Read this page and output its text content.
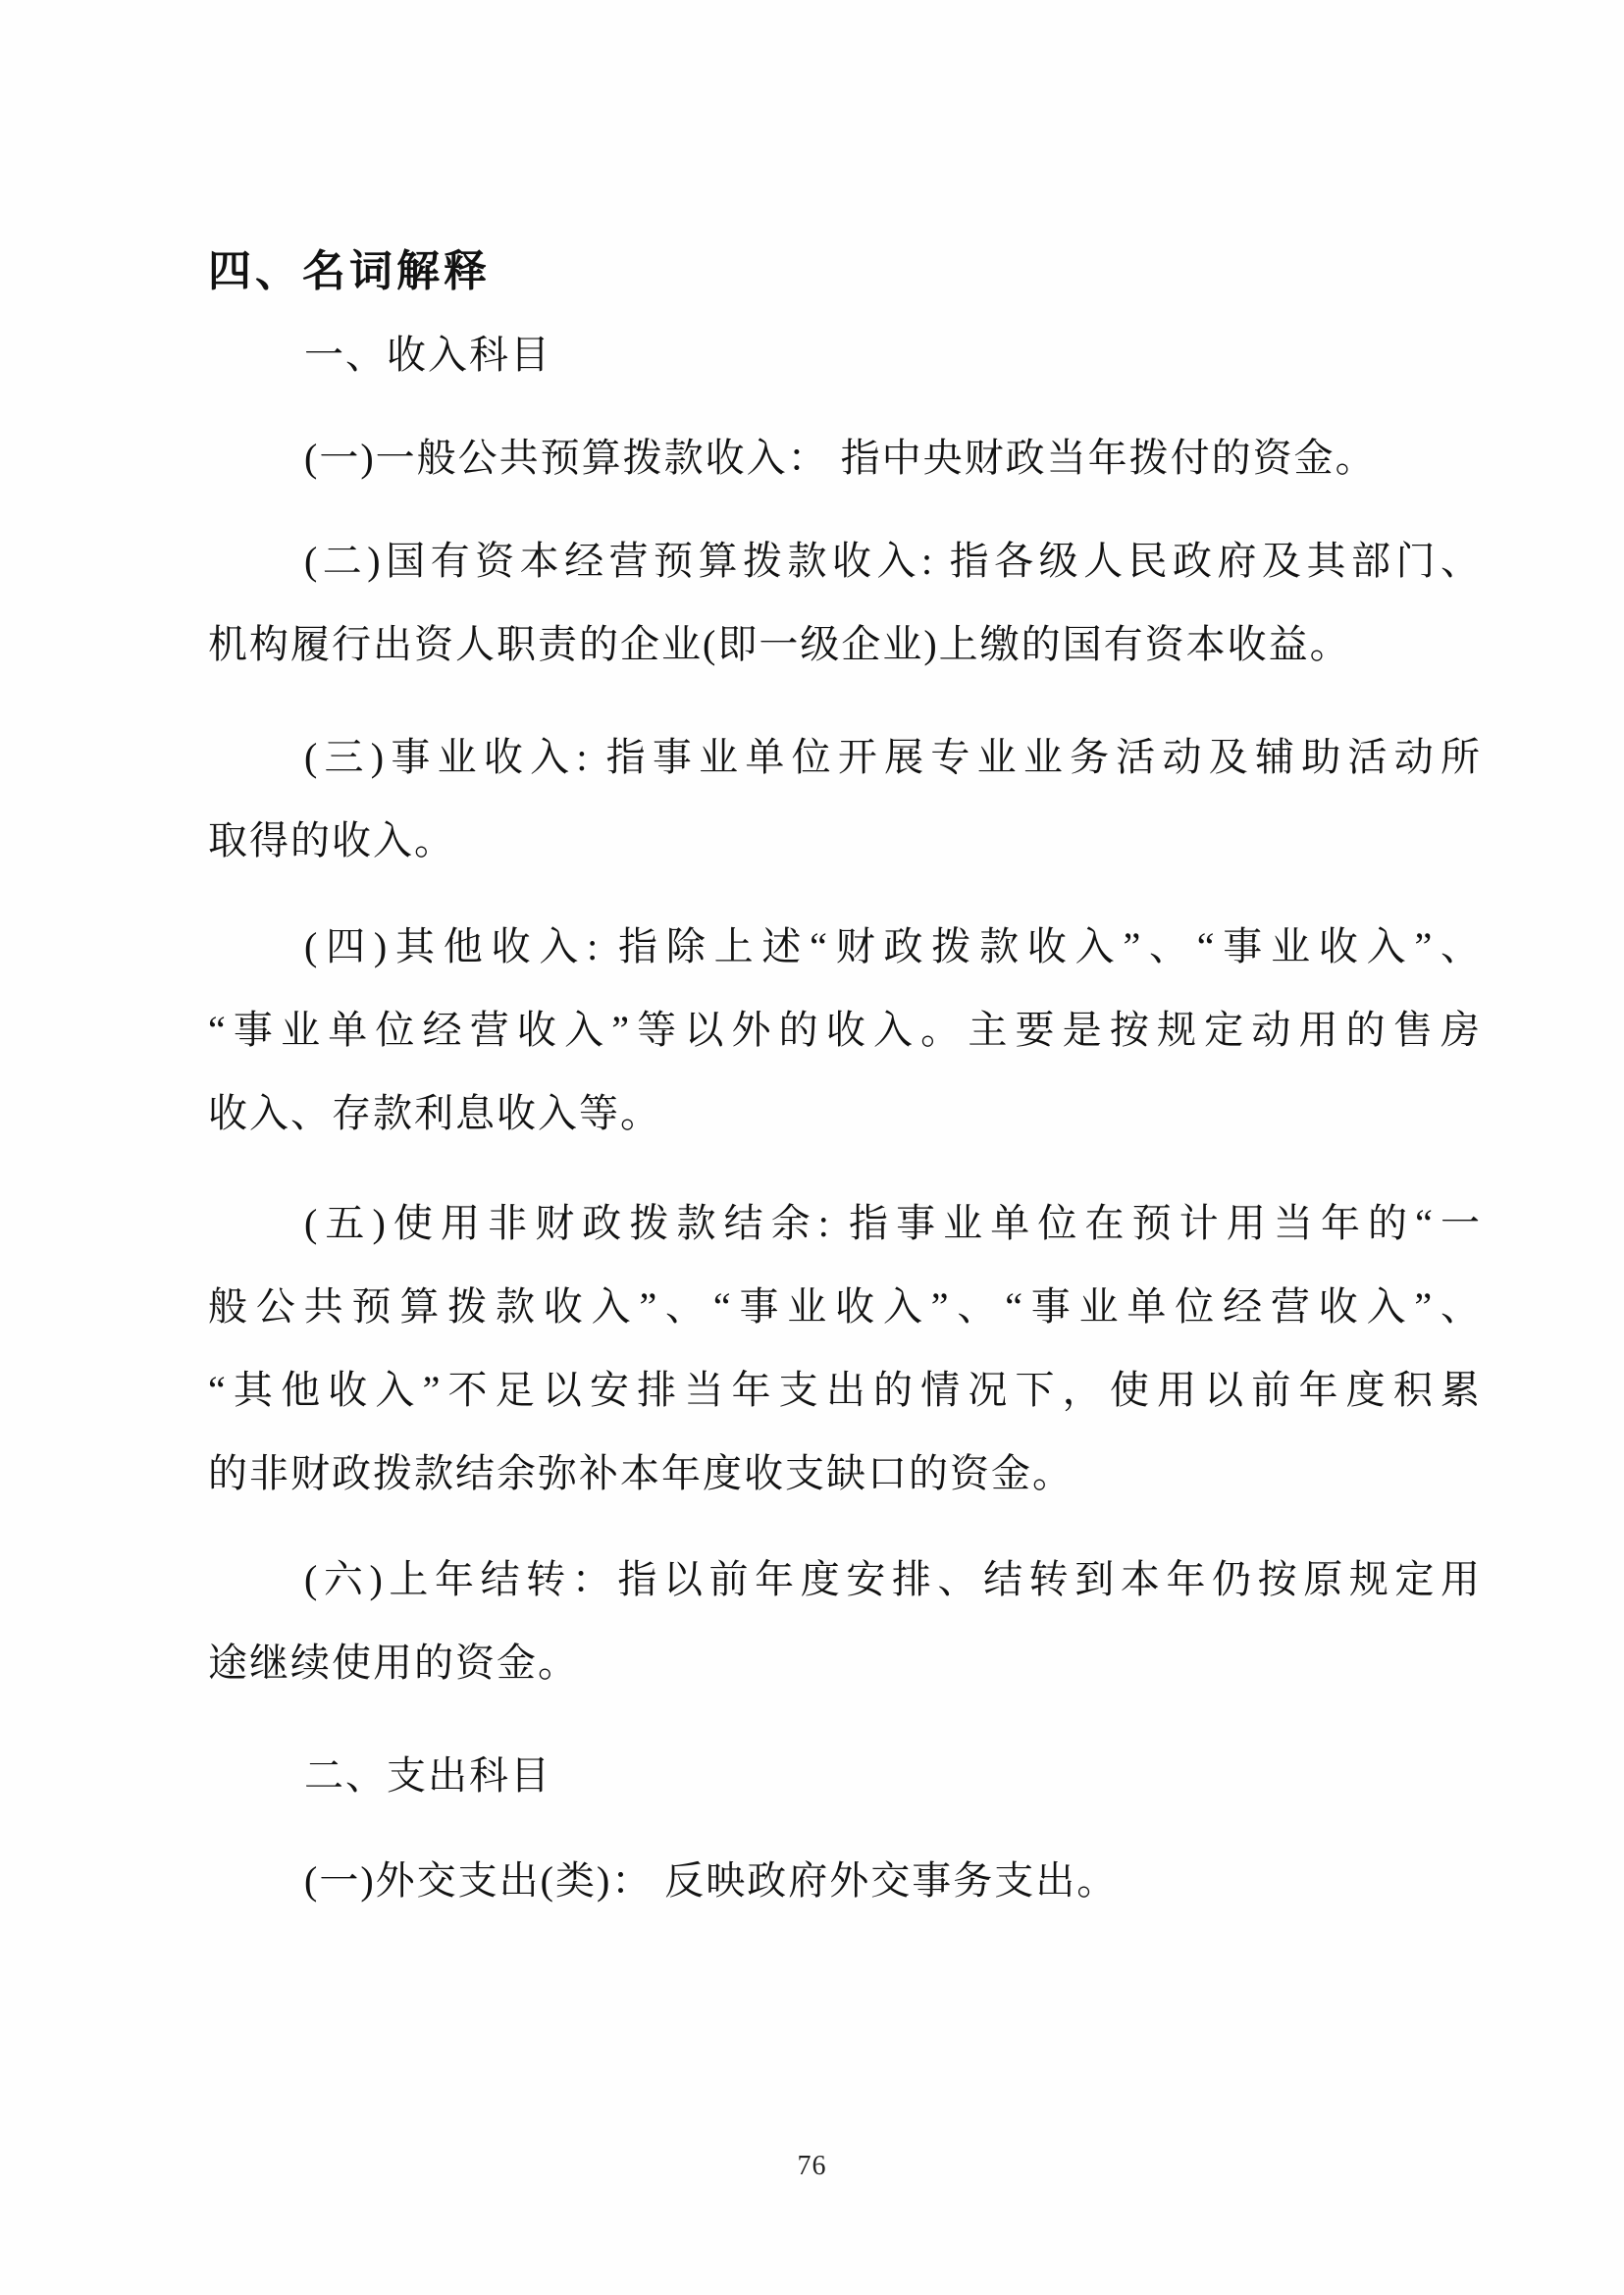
四、名词解释
一、收入科目
(一)一般公共预算拨款收入： 指中央财政当年拨付的资金。
(二)国有资本经营预算拨款收入: 指各级人民政府及其部门、
机构履行出资人职责的企业(即一级企业)上缴的国有资本收益。
(三)事业收入: 指事业单位开展专业业务活动及辅助活动所
取得的收入。
(四)其他收入: 指除上述“财政拨款收入”、“事业收入”、
“事业单位经营收入”等以外的收入。主要是按规定动用的售房
收入、存款利息收入等。
(五)使用非财政拨款结余: 指事业单位在预计用当年的“一
般公共预算拨款收入”、“事业收入”、“事业单位经营收入”、
“其他收入”不足以安排当年支出的情况下，使用以前年度积累
的非财政拨款结余弥补本年度收支缺口的资金。
(六)上年结转：指以前年度安排、结转到本年仍按原规定用
途继续使用的资金。
二、支出科目
(一)外交支出(类)： 反映政府外交事务支出。
76
